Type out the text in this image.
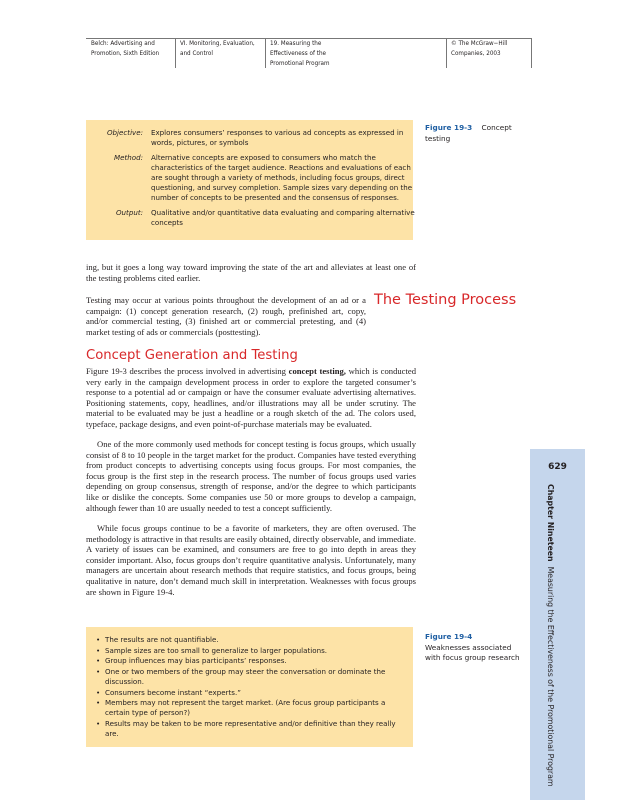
Belch: Advertising and
Promotion, Sixth Edition
VI. Monitoring, Evaluation,
and Control
19. Measuring the
Effectiveness of the
Promotional Program
© The McGraw−Hill
Companies, 2003
Objective: Explores consumers’ responses to various ad concepts as expressed in words, pictures, or symbols
Method: Alternative concepts are exposed to consumers who match the characteristics of the target audience. Reactions and evaluations of each are sought through a variety of methods, including focus groups, direct questioning, and survey completion. Sample sizes vary depending on the number of concepts to be presented and the consensus of responses.
Output: Qualitative and/or quantitative data evaluating and comparing alternative concepts
Figure 19-3 Concept testing

ing, but it goes a long way toward improving the state of the art and alleviates at least one of the testing problems cited earlier.

Testing may occur at various points throughout the development of an ad or a campaign: (1) concept generation research, (2) rough, prefinished art, copy, and/or commercial testing, (3) finished art or commercial pretesting, and (4) market testing of ads or commercials (posttesting).

The Testing Process
Concept Generation and Testing

Figure 19-3 describes the process involved in advertising concept testing, which is conducted very early in the campaign development process in order to explore the targeted consumer’s response to a potential ad or campaign or have the consumer evaluate advertising alternatives. Positioning statements, copy, headlines, and/or illustrations may all be under scrutiny. The material to be evaluated may be just a headline or a rough sketch of the ad. The colors used, typeface, package designs, and even point-of-purchase materials may be evaluated.

One of the more commonly used methods for concept testing is focus groups, which usually consist of 8 to 10 people in the target market for the product. Companies have tested everything from product concepts to advertising concepts using focus groups. For most companies, the focus group is the first step in the research process. The number of focus groups used varies depending on group consensus, strength of response, and/or the degree to which participants like or dislike the concepts. Some companies use 50 or more groups to develop a campaign, although fewer than 10 are usually needed to test a concept sufficiently.

While focus groups continue to be a favorite of marketers, they are often overused. The methodology is attractive in that results are easily obtained, directly observable, and immediate. A variety of issues can be examined, and consumers are free to go into depth in areas they consider important. Also, focus groups don’t require quantitative analysis. Unfortunately, many managers are uncertain about research methods that require statistics, and focus groups, being qualitative in nature, don’t demand much skill in interpretation. Weaknesses with focus groups are shown in Figure 19-4.

• The results are not quantifiable.
• Sample sizes are too small to generalize to larger populations.
• Group influences may bias participants’ responses.
• One or two members of the group may steer the conversation or dominate the discussion.
• Consumers become instant “experts.”
• Members may not represent the target market. (Are focus group participants a certain type of person?)
• Results may be taken to be more representative and/or definitive than they really are.
Figure 19-4    Weaknesses associated with focus group research
629
Chapter Nineteen  Measuring the Effectiveness of the Promotional Program
